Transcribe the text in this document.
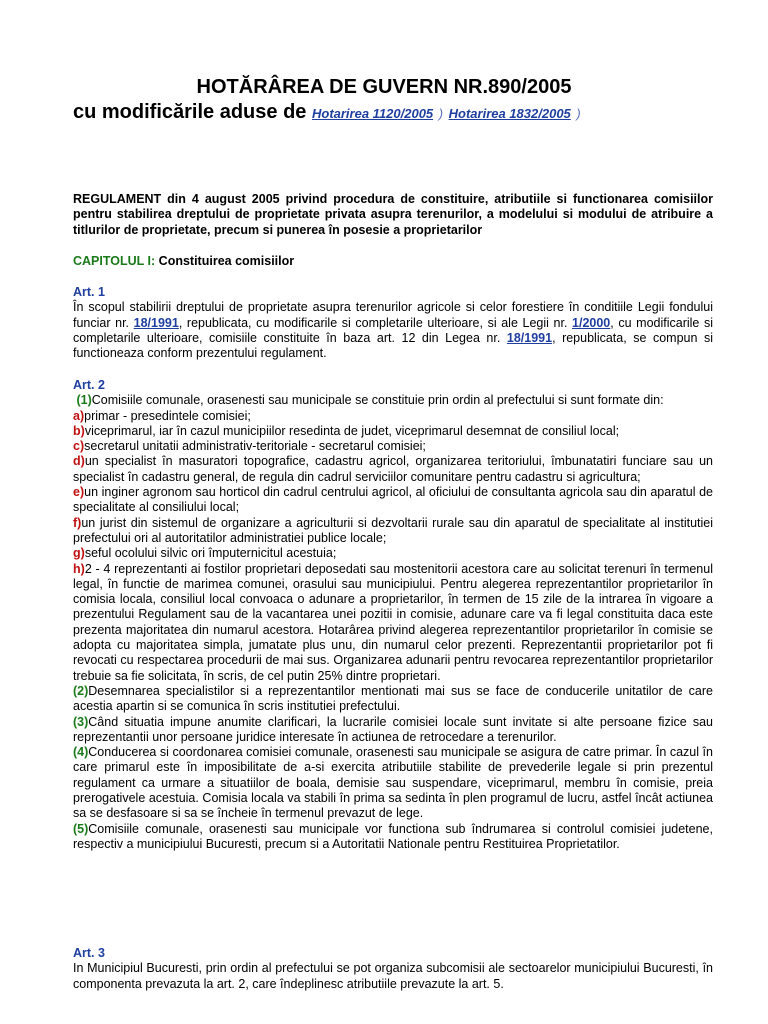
HOTĂRÂREA DE GUVERN NR.890/2005
cu modificările aduse de Hotarirea 1120/2005 ) Hotarirea 1832/2005 )

REGULAMENT din 4 august 2005 privind procedura de constituire, atributiile si functionarea comisiilor pentru stabilirea dreptului de proprietate privata asupra terenurilor, a modelului si modului de atribuire a titlurilor de proprietate, precum si punerea în posesie a proprietarilor

CAPITOLUL I: Constituirea comisiilor

Art. 1

În scopul stabilirii dreptului de proprietate asupra terenurilor agricole si celor forestiere în conditiile Legii fondului funciar nr. 18/1991, republicata, cu modificarile si completarile ulterioare, si ale Legii nr. 1/2000, cu modificarile si completarile ulterioare, comisiile constituite în baza art. 12 din Legea nr. 18/1991, republicata, se compun si functioneaza conform prezentului regulament.

Art. 2

(1)Comisiile comunale, orasenesti sau municipale se constituie prin ordin al prefectului si sunt formate din:

a)primar - presedintele comisiei;

b)viceprimarul, iar în cazul municipiilor resedinta de judet, viceprimarul desemnat de consiliul local;

c)secretarul unitatii administrativ-teritoriale - secretarul comisiei;

d)un specialist în masuratori topografice, cadastru agricol, organizarea teritoriului, îmbunatatiri funciare sau un specialist în cadastru general, de regula din cadrul serviciilor comunitare pentru cadastru si agricultura;

e)un inginer agronom sau horticol din cadrul centrului agricol, al oficiului de consultanta agricola sau din aparatul de specialitate al consiliului local;

f)un jurist din sistemul de organizare a agriculturii si dezvoltarii rurale sau din aparatul de specialitate al institutiei prefectului ori al autoritatilor administratiei publice locale;

g)seful ocolului silvic ori împuternicitul acestuia;

h)2 - 4 reprezentanti ai fostilor proprietari deposedati sau mostenitorii acestora care au solicitat terenuri în termenul legal, în functie de marimea comunei, orasului sau municipiului. Pentru alegerea reprezentantilor proprietarilor în comisia locala, consiliul local convoaca o adunare a proprietarilor, în termen de 15 zile de la intrarea în vigoare a prezentului Regulament sau de la vacantarea unei pozitii in comisie, adunare care va fi legal constituita daca este prezenta majoritatea din numarul acestora. Hotarârea privind alegerea reprezentantilor proprietarilor în comisie se adopta cu majoritatea simpla, jumatate plus unu, din numarul celor prezenti. Reprezentantii proprietarilor pot fi revocati cu respectarea procedurii de mai sus. Organizarea adunarii pentru revocarea reprezentantilor proprietarilor trebuie sa fie solicitata, în scris, de cel putin 25% dintre proprietari.

(2)Desemnarea specialistilor si a reprezentantilor mentionati mai sus se face de conducerile unitatilor de care acestia apartin si se comunica în scris institutiei prefectului.

(3)Când situatia impune anumite clarificari, la lucrarile comisiei locale sunt invitate si alte persoane fizice sau reprezentantii unor persoane juridice interesate în actiunea de retrocedare a terenurilor.

(4)Conducerea si coordonarea comisiei comunale, orasenesti sau municipale se asigura de catre primar. În cazul în care primarul este în imposibilitate de a-si exercita atributiile stabilite de prevederile legale si prin prezentul regulament ca urmare a situatiilor de boala, demisie sau suspendare, viceprimarul, membru în comisie, preia prerogativele acestuia. Comisia locala va stabili în prima sa sedinta în plen programul de lucru, astfel încât actiunea sa se desfasoare si sa se încheie în termenul prevazut de lege.

(5)Comisiile comunale, orasenesti sau municipale vor functiona sub îndrumarea si controlul comisiei judetene, respectiv a municipiului Bucuresti, precum si a Autoritatii Nationale pentru Restituirea Proprietatilor.

Art. 3

In Municipiul Bucuresti, prin ordin al prefectului se pot organiza subcomisii ale sectoarelor municipiului Bucuresti, în componenta prevazuta la art. 2, care îndeplinesc atributiile prevazute la art. 5.
